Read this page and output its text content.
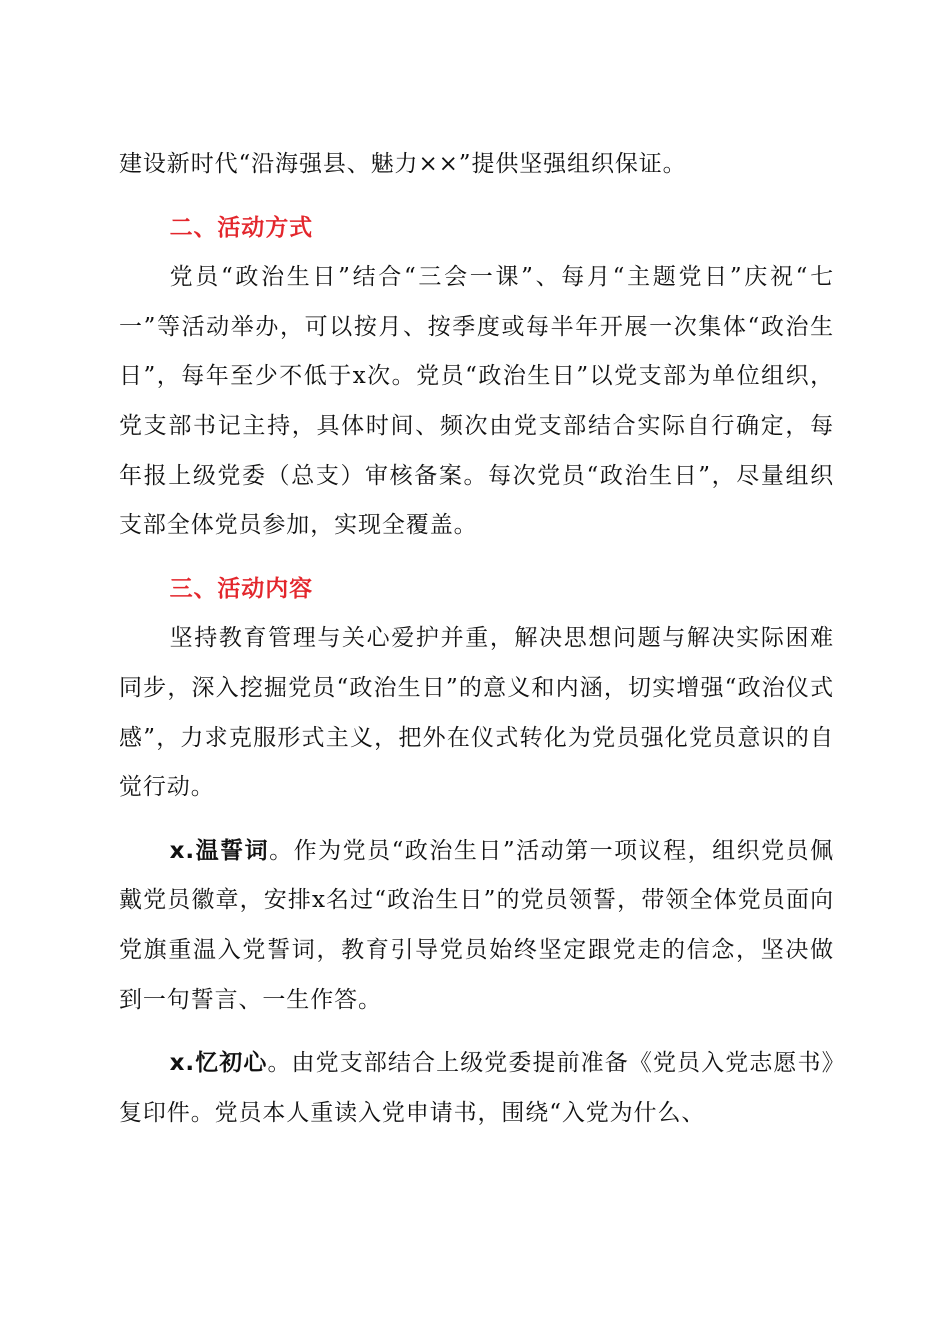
建设新时代“沿海强县、魅力××”提供坚强组织保证。

二、活动方式

党员“政治生日”结合“三会一课”、每月“主题党日”庆祝“七一”等活动举办，可以按月、按季度或每半年开展一次集体“政治生日”，每年至少不低于x次。党员“政治生日”以党支部为单位组织，党支部书记主持，具体时间、频次由党支部结合实际自行确定，每年报上级党委（总支）审核备案。每次党员“政治生日”，尽量组织支部全体党员参加，实现全覆盖。

三、活动内容

坚持教育管理与关心爱护并重，解决思想问题与解决实际困难同步，深入挖掘党员“政治生日”的意义和内涵，切实增强“政治仪式感”，力求克服形式主义，把外在仪式转化为党员强化党员意识的自觉行动。

x.温誓词。作为党员“政治生日”活动第一项议程，组织党员佩戴党员徽章，安排x名过“政治生日”的党员领誓，带领全体党员面向党旗重温入党誓词，教育引导党员始终坚定跟党走的信念，坚决做到一句誓言、一生作答。

x.忆初心。由党支部结合上级党委提前准备《党员入党志愿书》复印件。党员本人重读入党申请书，围绕“入党为什么、
